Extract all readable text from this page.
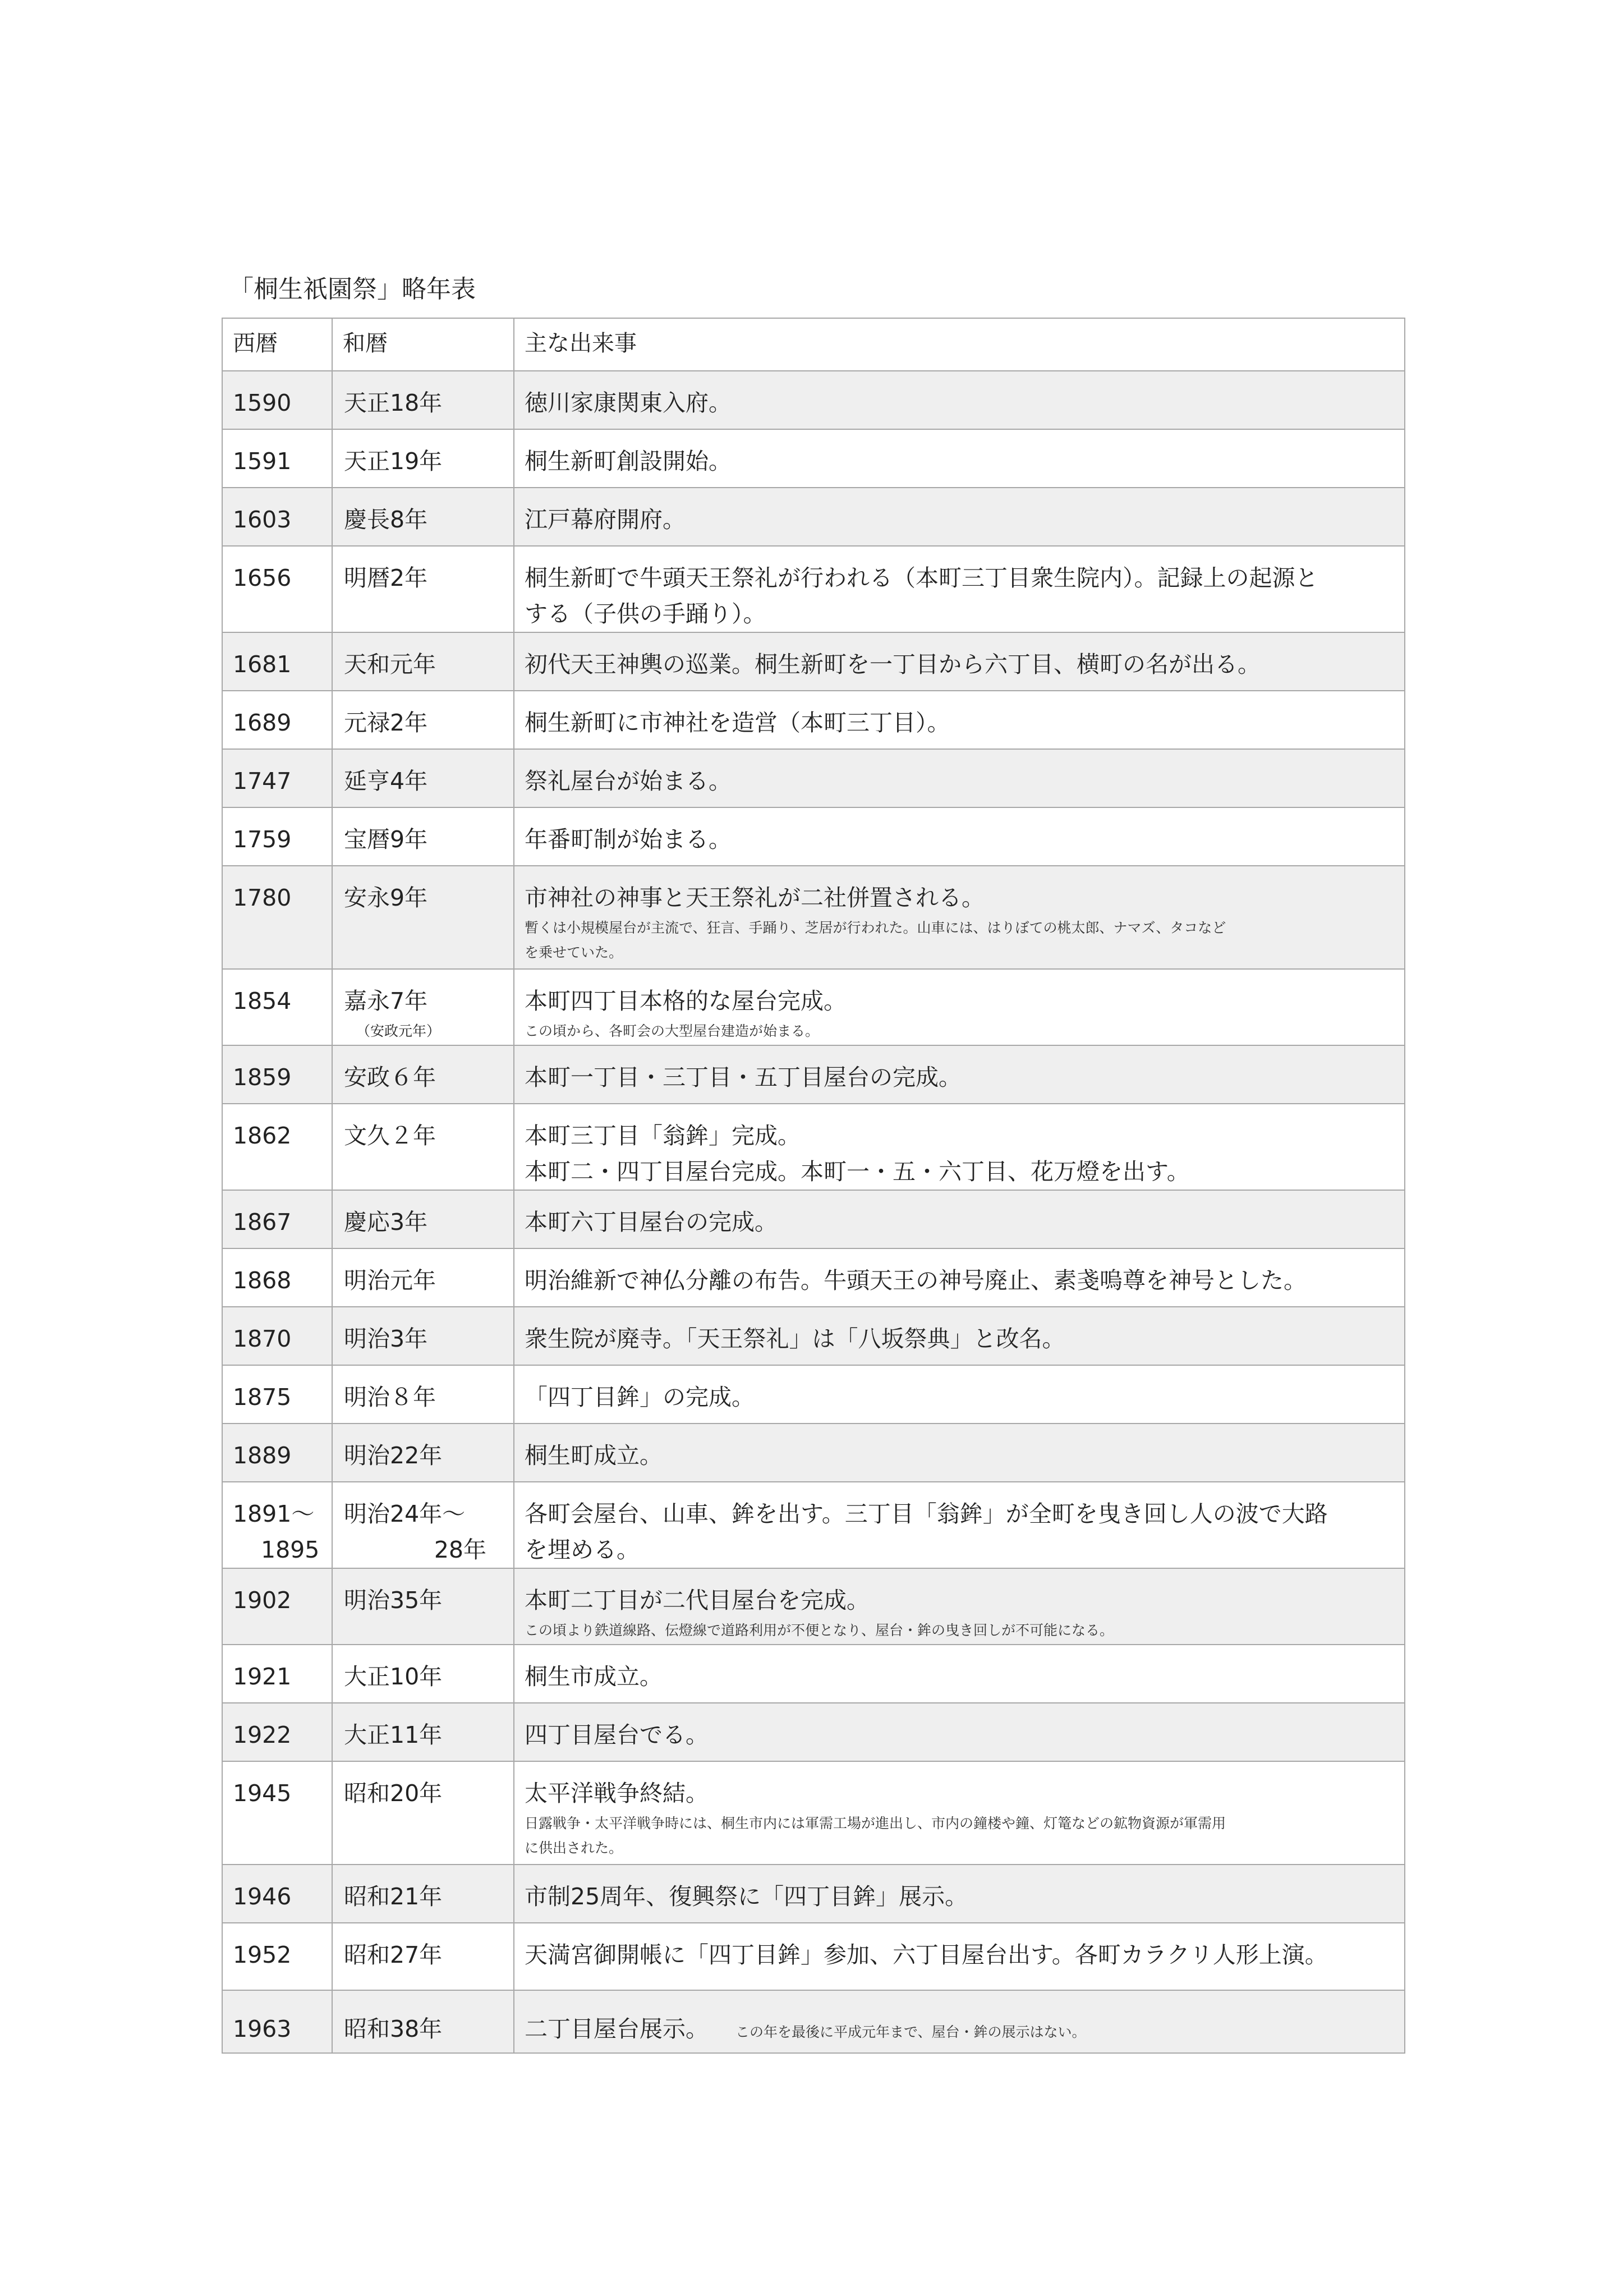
「桐生祇園祭」略年表
西暦	和暦	主な出来事
1590	天正18年	徳川家康関東入府。
1591	天正19年	桐生新町創設開始。
1603	慶長8年	江戸幕府開府。
1656	明暦2年	桐生新町で牛頭天王祭礼が行われる（本町三丁目衆生院内）。記録上の起源と
する（子供の手踊り）。

1681	天和元年	初代天王神輿の巡業。桐生新町を一丁目から六丁目、横町の名が出る。
1689	元禄2年	桐生新町に市神社を造営（本町三丁目）。
1747	延亨4年	祭礼屋台が始まる。
1759	宝暦9年	年番町制が始まる。
1780	安永9年	市神社の神事と天王祭礼が二社併置される。
暫くは小規模屋台が主流で、狂言、手踊り、芝居が行われた。山車には、はりぼての桃太郎、ナマズ、タコなど
を乗せていた。

1854	嘉永7年
（安政元年）	本町四丁目本格的な屋台完成。
この頃から、各町会の大型屋台建造が始まる。

1859	安政６年	本町一丁目・三丁目・五丁目屋台の完成。
1862	文久２年	本町三丁目「翁鉾」完成。
本町二・四丁目屋台完成。本町一・五・六丁目、花万燈を出す。

1867	慶応3年	本町六丁目屋台の完成。
1868	明治元年	明治維新で神仏分離の布告。牛頭天王の神号廃止、素戔嗚尊を神号とした。
1870	明治3年	衆生院が廃寺。「天王祭礼」は「八坂祭典」と改名。
1875	明治８年	「四丁目鉾」の完成。
1889	明治22年	桐生町成立。

1891〜
1895	明治24年〜
28年	各町会屋台、山車、鉾を出す。三丁目「翁鉾」が全町を曳き回し人の波で大路
を埋める。

1902	明治35年	本町二丁目が二代目屋台を完成。
この頃より鉄道線路、伝燈線で道路利用が不便となり、屋台・鉾の曳き回しが不可能になる。

1921	大正10年	桐生市成立。
1922	大正11年	四丁目屋台でる。
1945	昭和20年	太平洋戦争終結。
日露戦争・太平洋戦争時には、桐生市内には軍需工場が進出し、市内の鐘楼や鐘、灯篭などの鉱物資源が軍需用
に供出された。

1946	昭和21年	市制25周年、復興祭に「四丁目鉾」展示。
1952	昭和27年	天満宮御開帳に「四丁目鉾」参加、六丁目屋台出す。各町カラクリ人形上演。
1963	昭和38年	二丁目屋台展示。 この年を最後に平成元年まで、屋台・鉾の展示はない。
